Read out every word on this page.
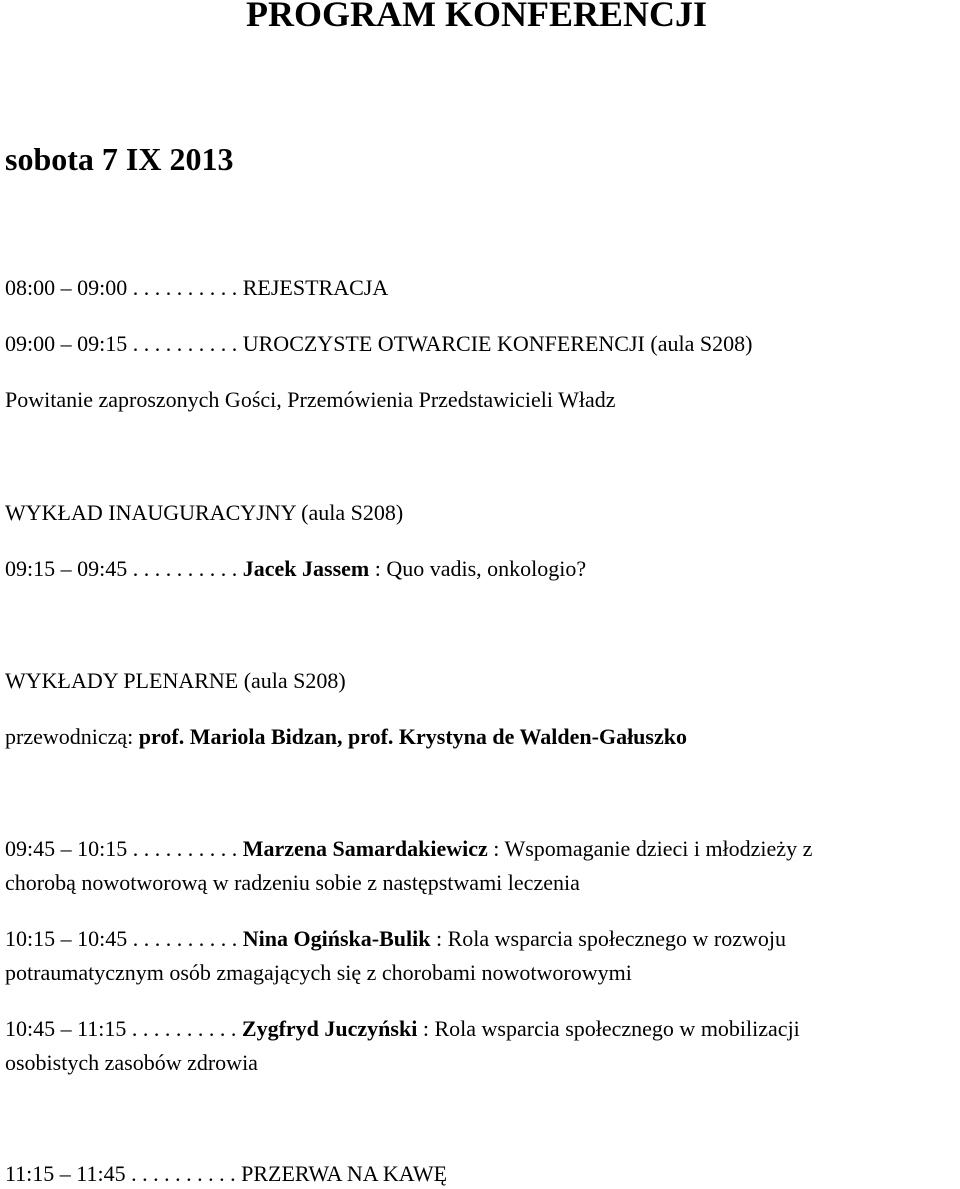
PROGRAM KONFERENCJI
sobota 7 IX 2013
08:00 – 09:00 . . . . . . . . . . REJESTRACJA
09:00 – 09:15 . . . . . . . . . . UROCZYSTE OTWARCIE KONFERENCJI (aula S208)
Powitanie zaproszonych Gości, Przemówienia Przedstawicieli Władz
WYKŁAD INAUGURACYJNY (aula S208)
09:15 – 09:45 . . . . . . . . . . Jacek Jassem : Quo vadis, onkologio?
WYKŁADY PLENARNE (aula S208)
przewodniczą: prof. Mariola Bidzan, prof. Krystyna de Walden-Gałuszko
09:45 – 10:15 . . . . . . . . . . Marzena Samardakiewicz : Wspomaganie dzieci i młodzieży z
chorobą nowotworową w radzeniu sobie z następstwami leczenia
10:15 – 10:45 . . . . . . . . . . Nina Ogińska-Bulik : Rola wsparcia społecznego w rozwoju
potraumatycznym osób zmagających się z chorobami nowotworowymi
10:45 – 11:15 . . . . . . . . . . Zygfryd Juczyński : Rola wsparcia społecznego w mobilizacji
osobistych zasobów zdrowia
11:15 – 11:45 . . . . . . . . . . PRZERWA NA KAWĘ
